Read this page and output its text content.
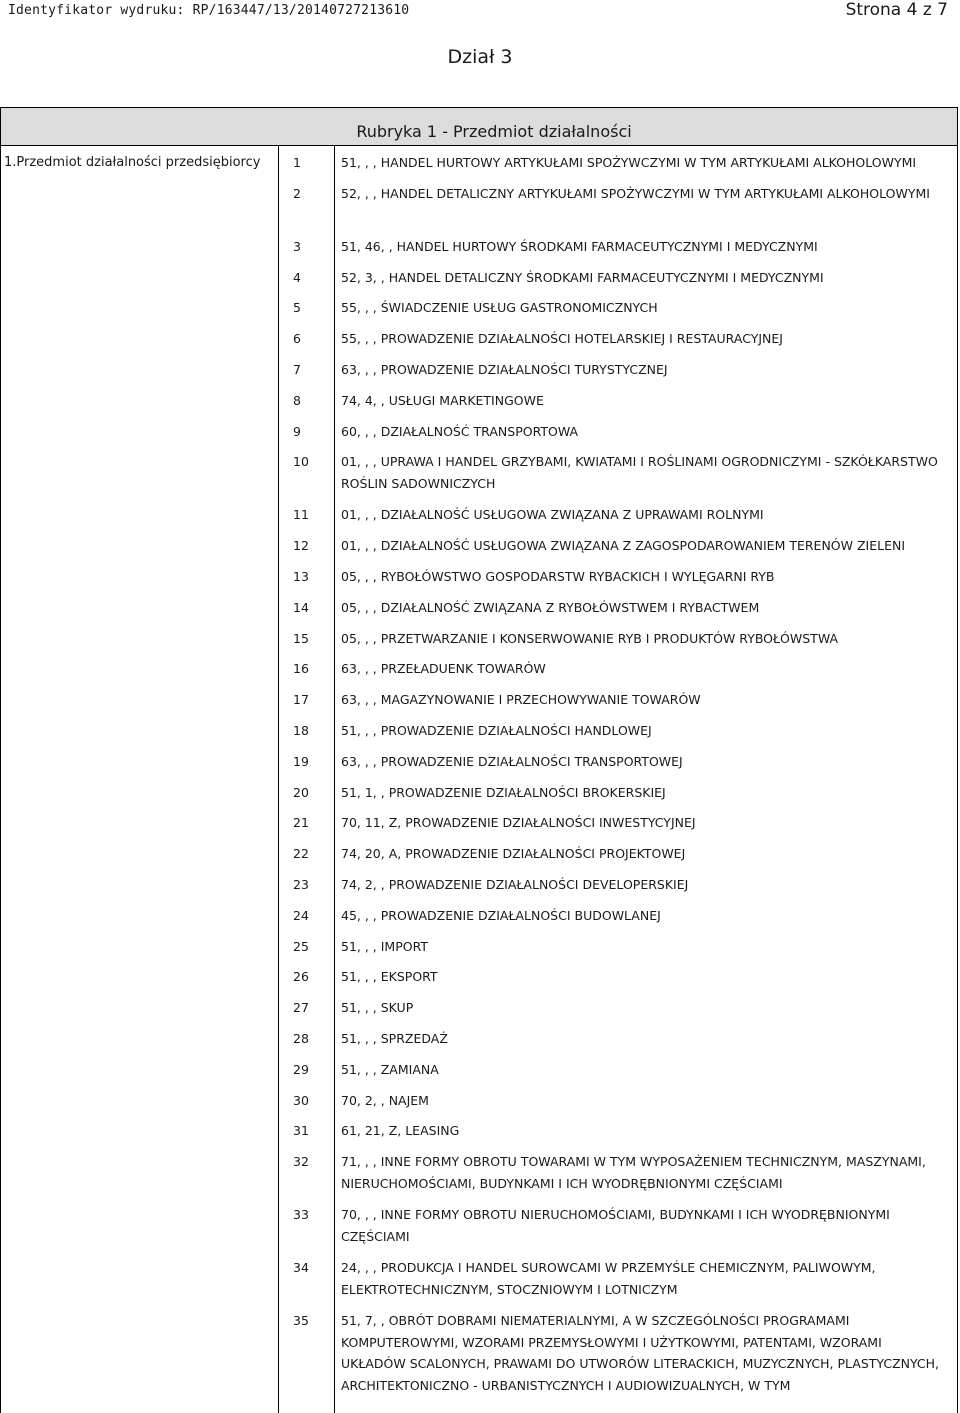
Identyfikator wydruku: RP/163447/13/20140727213610	Strona 4 z 7
Dział 3
Rubryka 1 - Przedmiot działalności
1.Przedmiot działalności przedsiębiorcy	1	51, , , HANDEL HURTOWY ARTYKUŁAMI SPOŻYWCZYMI W TYM ARTYKUŁAMI ALKOHOLOWYMI
2	52, , , HANDEL DETALICZNY ARTYKUŁAMI SPOŻYWCZYMI W TYM ARTYKUŁAMI ALKOHOLOWYMI
3	51, 46, , HANDEL HURTOWY ŚRODKAMI FARMACEUTYCZNYMI I MEDYCZNYMI
4	52, 3, , HANDEL DETALICZNY ŚRODKAMI FARMACEUTYCZNYMI I MEDYCZNYMI
5	55, , , ŚWIADCZENIE USŁUG GASTRONOMICZNYCH
6	55, , , PROWADZENIE DZIAŁALNOŚCI HOTELARSKIEJ I RESTAURACYJNEJ
7	63, , , PROWADZENIE DZIAŁALNOŚCI TURYSTYCZNEJ
8	74, 4, , USŁUGI MARKETINGOWE
9	60, , , DZIAŁALNOŚĆ TRANSPORTOWA
10	01, , , UPRAWA I HANDEL GRZYBAMI, KWIATAMI I ROŚLINAMI OGRODNICZYMI - SZKÓŁKARSTWO ROŚLIN SADOWNICZYCH
11	01, , , DZIAŁALNOŚĆ USŁUGOWA ZWIĄZANA Z UPRAWAMI ROLNYMI
12	01, , , DZIAŁALNOŚĆ USŁUGOWA ZWIĄZANA Z ZAGOSPODAROWANIEM TERENÓW ZIELENI
13	05, , , RYBOŁÓWSTWO GOSPODARSTW RYBACKICH I WYLĘGARNI RYB
14	05, , , DZIAŁALNOŚĆ ZWIĄZANA Z RYBOŁÓWSTWEM I RYBACTWEM
15	05, , , PRZETWARZANIE I KONSERWOWANIE RYB I PRODUKTÓW RYBOŁÓWSTWA
16	63, , , PRZEŁADUENK TOWARÓW
17	63, , , MAGAZYNOWANIE I PRZECHOWYWANIE TOWARÓW
18	51, , , PROWADZENIE DZIAŁALNOŚCI HANDLOWEJ
19	63, , , PROWADZENIE DZIAŁALNOŚCI TRANSPORTOWEJ
20	51, 1, , PROWADZENIE DZIAŁALNOŚCI BROKERSKIEJ
21	70, 11, Z, PROWADZENIE DZIAŁALNOŚCI INWESTYCYJNEJ
22	74, 20, A, PROWADZENIE DZIAŁALNOŚCI PROJEKTOWEJ
23	74, 2, , PROWADZENIE DZIAŁALNOŚCI DEVELOPERSKIEJ
24	45, , , PROWADZENIE DZIAŁALNOŚCI BUDOWLANEJ
25	51, , , IMPORT
26	51, , , EKSPORT
27	51, , , SKUP
28	51, , , SPRZEDAŻ
29	51, , , ZAMIANA
30	70, 2, , NAJEM
31	61, 21, Z, LEASING
32	71, , , INNE FORMY OBROTU TOWARAMI W TYM WYPOSAŻENIEM TECHNICZNYM, MASZYNAMI, NIERUCHOMOŚCIAMI, BUDYNKAMI I ICH WYODRĘBNIONYMI CZĘŚCIAMI
33	70, , , INNE FORMY OBROTU NIERUCHOMOŚCIAMI, BUDYNKAMI I ICH WYODRĘBNIONYMI CZĘŚCIAMI
34	24, , , PRODUKCJA I HANDEL SUROWCAMI W PRZEMYŚLE CHEMICZNYM, PALIWOWYM, ELEKTROTECHNICZNYM, STOCZNIOWYM I LOTNICZYM
35	51, 7, , OBRÓT DOBRAMI NIEMATERIALNYMI, A W SZCZEGÓLNOŚCI PROGRAMAMI KOMPUTEROWYMI, WZORAMI PRZEMYSŁOWYMI I UŻYTKOWYMI, PATENTAMI, WZORAMI UKŁADÓW SCALONYCH, PRAWAMI DO UTWORÓW LITERACKICH, MUZYCZNYCH, PLASTYCZNYCH, ARCHITEKTONICZNO - URBANISTYCZNYCH I AUDIOWIZUALNYCH, W TYM
